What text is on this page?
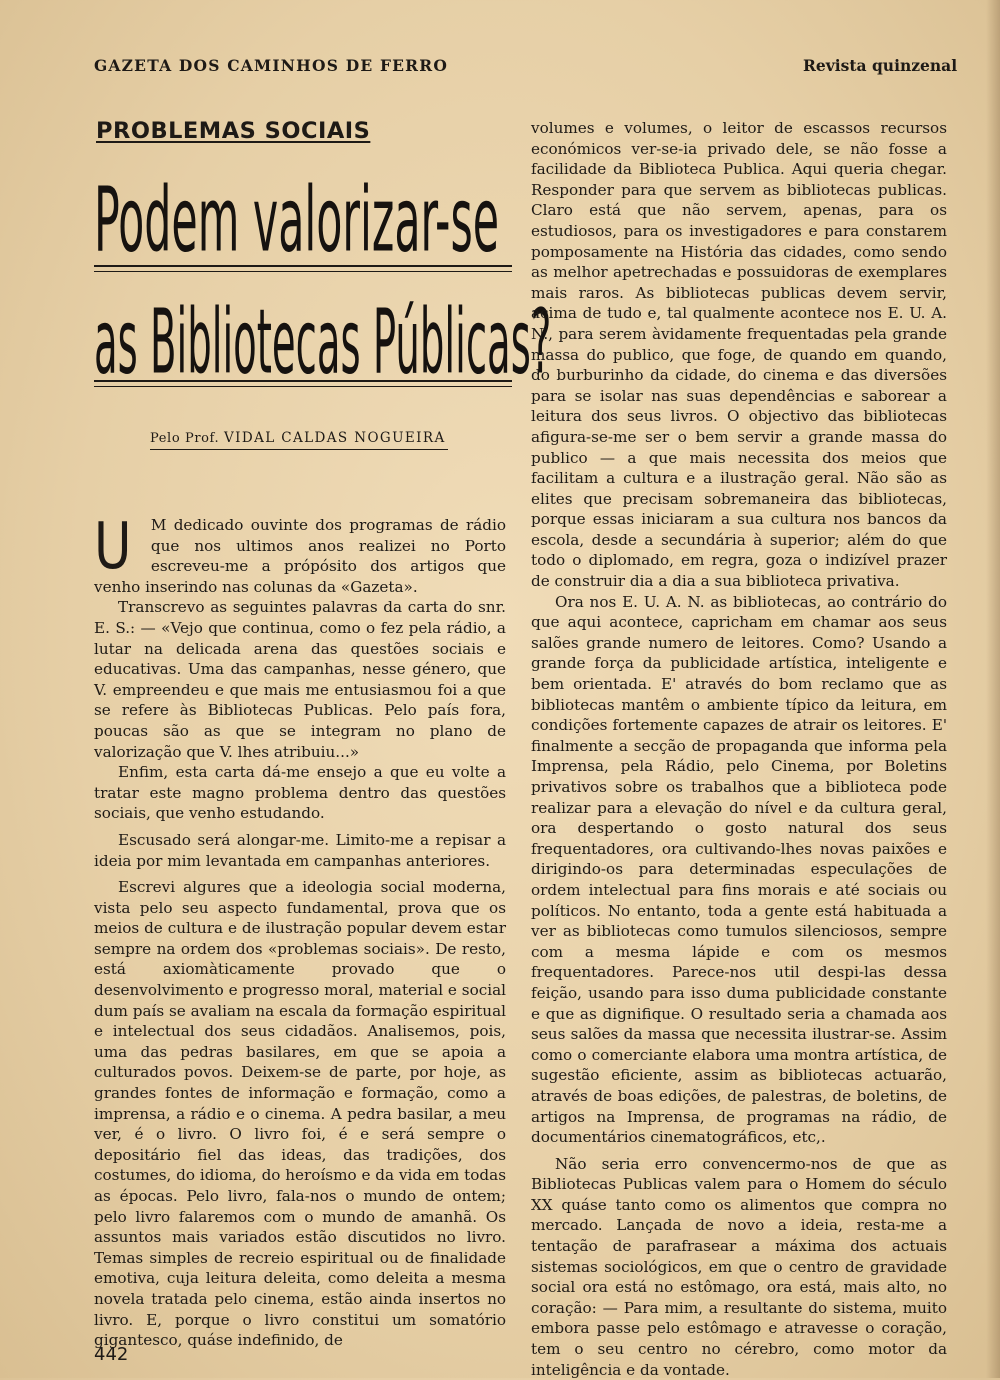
GAZETA DOS CAMINHOS DE FERRO	Revista quinzenal
PROBLEMAS SOCIAIS
Podem valorizar-se
as Bibliotecas Públicas?
Pelo Prof. VIDAL CALDAS NOGUEIRA

U M dedicado ouvinte dos programas de rádio que nos ultimos anos realizei no Porto escreveu-me a própósito dos artigos que venho inserindo nas colunas da «Gazeta».

Transcrevo as seguintes palavras da carta do snr. E. S.: — «Vejo que continua, como o fez pela rádio, a lutar na delicada arena das questões sociais e educativas. Uma das campanhas, nesse género, que V. empreendeu e que mais me entusiasmou foi a que se refere às Bibliotecas Publicas. Pelo país fora, poucas são as que se integram no plano de valorização que V. lhes atribuiu...»

Enfim, esta carta dá-me ensejo a que eu volte a tratar este magno problema dentro das questões sociais, que venho estudando.

Escusado será alongar-me. Limito-me a repisar a ideia por mim levantada em campanhas anteriores.

Escrevi algures que a ideologia social moderna, vista pelo seu aspecto fundamental, prova que os meios de cultura e de ilustração popular devem estar sempre na ordem dos «problemas sociais». De resto, está axiomàticamente provado que o desenvolvimento e progresso moral, material e social dum país se avaliam na escala da formação espiritual e intelectual dos seus cidadãos. Analisemos, pois, uma das pedras basilares, em que se apoia a culturados povos. Deixem-se de parte, por hoje, as grandes fontes de informação e formação, como a imprensa, a rádio e o cinema. A pedra basilar, a meu ver, é o livro. O livro foi, é e será sempre o depositário fiel das ideas, das tradições, dos costumes, do idioma, do heroísmo e da vida em todas as épocas. Pelo livro, fala-nos o mundo de ontem; pelo livro falaremos com o mundo de amanhã. Os assuntos mais variados estão discutidos no livro. Temas simples de recreio espiritual ou de finalidade emotiva, cuja leitura deleita, como deleita a mesma novela tratada pelo cinema, estão ainda insertos no livro. E, porque o livro constitui um somatório gigantesco, quáse indefinido, de

volumes e volumes, o leitor de escassos recursos económicos ver-se-ia privado dele, se não fosse a facilidade da Biblioteca Publica. Aqui queria chegar. Responder para que servem as bibliotecas publicas. Claro está que não servem, apenas, para os estudiosos, para os investigadores e para constarem pomposamente na História das cidades, como sendo as melhor apetrechadas e possuidoras de exemplares mais raros. As bibliotecas publicas devem servir, acima de tudo e, tal qualmente acontece nos E. U. A. N., para serem àvidamente frequentadas pela grande massa do publico, que foge, de quando em quando, do burburinho da cidade, do cinema e das diversões para se isolar nas suas dependências e saborear a leitura dos seus livros. O objectivo das bibliotecas afigura-se-me ser o bem servir a grande massa do publico — a que mais necessita dos meios que facilitam a cultura e a ilustração geral. Não são as elites que precisam sobremaneira das bibliotecas, porque essas iniciaram a sua cultura nos bancos da escola, desde a secundária à superior; além do que todo o diplomado, em regra, goza o indizível prazer de construir dia a dia a sua biblioteca privativa.

Ora nos E. U. A. N. as bibliotecas, ao contrário do que aqui acontece, capricham em chamar aos seus salões grande numero de leitores. Como? Usando a grande força da publicidade artística, inteligente e bem orientada. E' através do bom reclamo que as bibliotecas mantêm o ambiente típico da leitura, em condições fortemente capazes de atrair os leitores. E' finalmente a secção de propaganda que informa pela Imprensa, pela Rádio, pelo Cinema, por Boletins privativos sobre os trabalhos que a biblioteca pode realizar para a elevação do nível e da cultura geral, ora despertando o gosto natural dos seus frequentadores, ora cultivando-lhes novas paixões e dirigindo-os para determinadas especulações de ordem intelectual para fins morais e até sociais ou políticos. No entanto, toda a gente está habituada a ver as bibliotecas como tumulos silenciosos, sempre com a mesma lápide e com os mesmos frequentadores. Parece-nos util despi-las dessa feição, usando para isso duma publicidade constante e que as dignifique. O resultado seria a chamada aos seus salões da massa que necessita ilustrar-se. Assim como o comerciante elabora uma montra artística, de sugestão eficiente, assim as bibliotecas actuarão, através de boas edições, de palestras, de boletins, de artigos na Imprensa, de programas na rádio, de documentários cinematográficos, etc,.

Não seria erro convencermo-nos de que as Bibliotecas Publicas valem para o Homem do século XX quáse tanto como os alimentos que compra no mercado. Lançada de novo a ideia, resta-me a tentação de parafrasear a máxima dos actuais sistemas sociológicos, em que o centro de gravidade social ora está no estômago, ora está, mais alto, no coração: — Para mim, a resultante do sistema, muito embora passe pelo estômago e atravesse o coração, tem o seu centro no cérebro, como motor da inteligência e da vontade.

442
